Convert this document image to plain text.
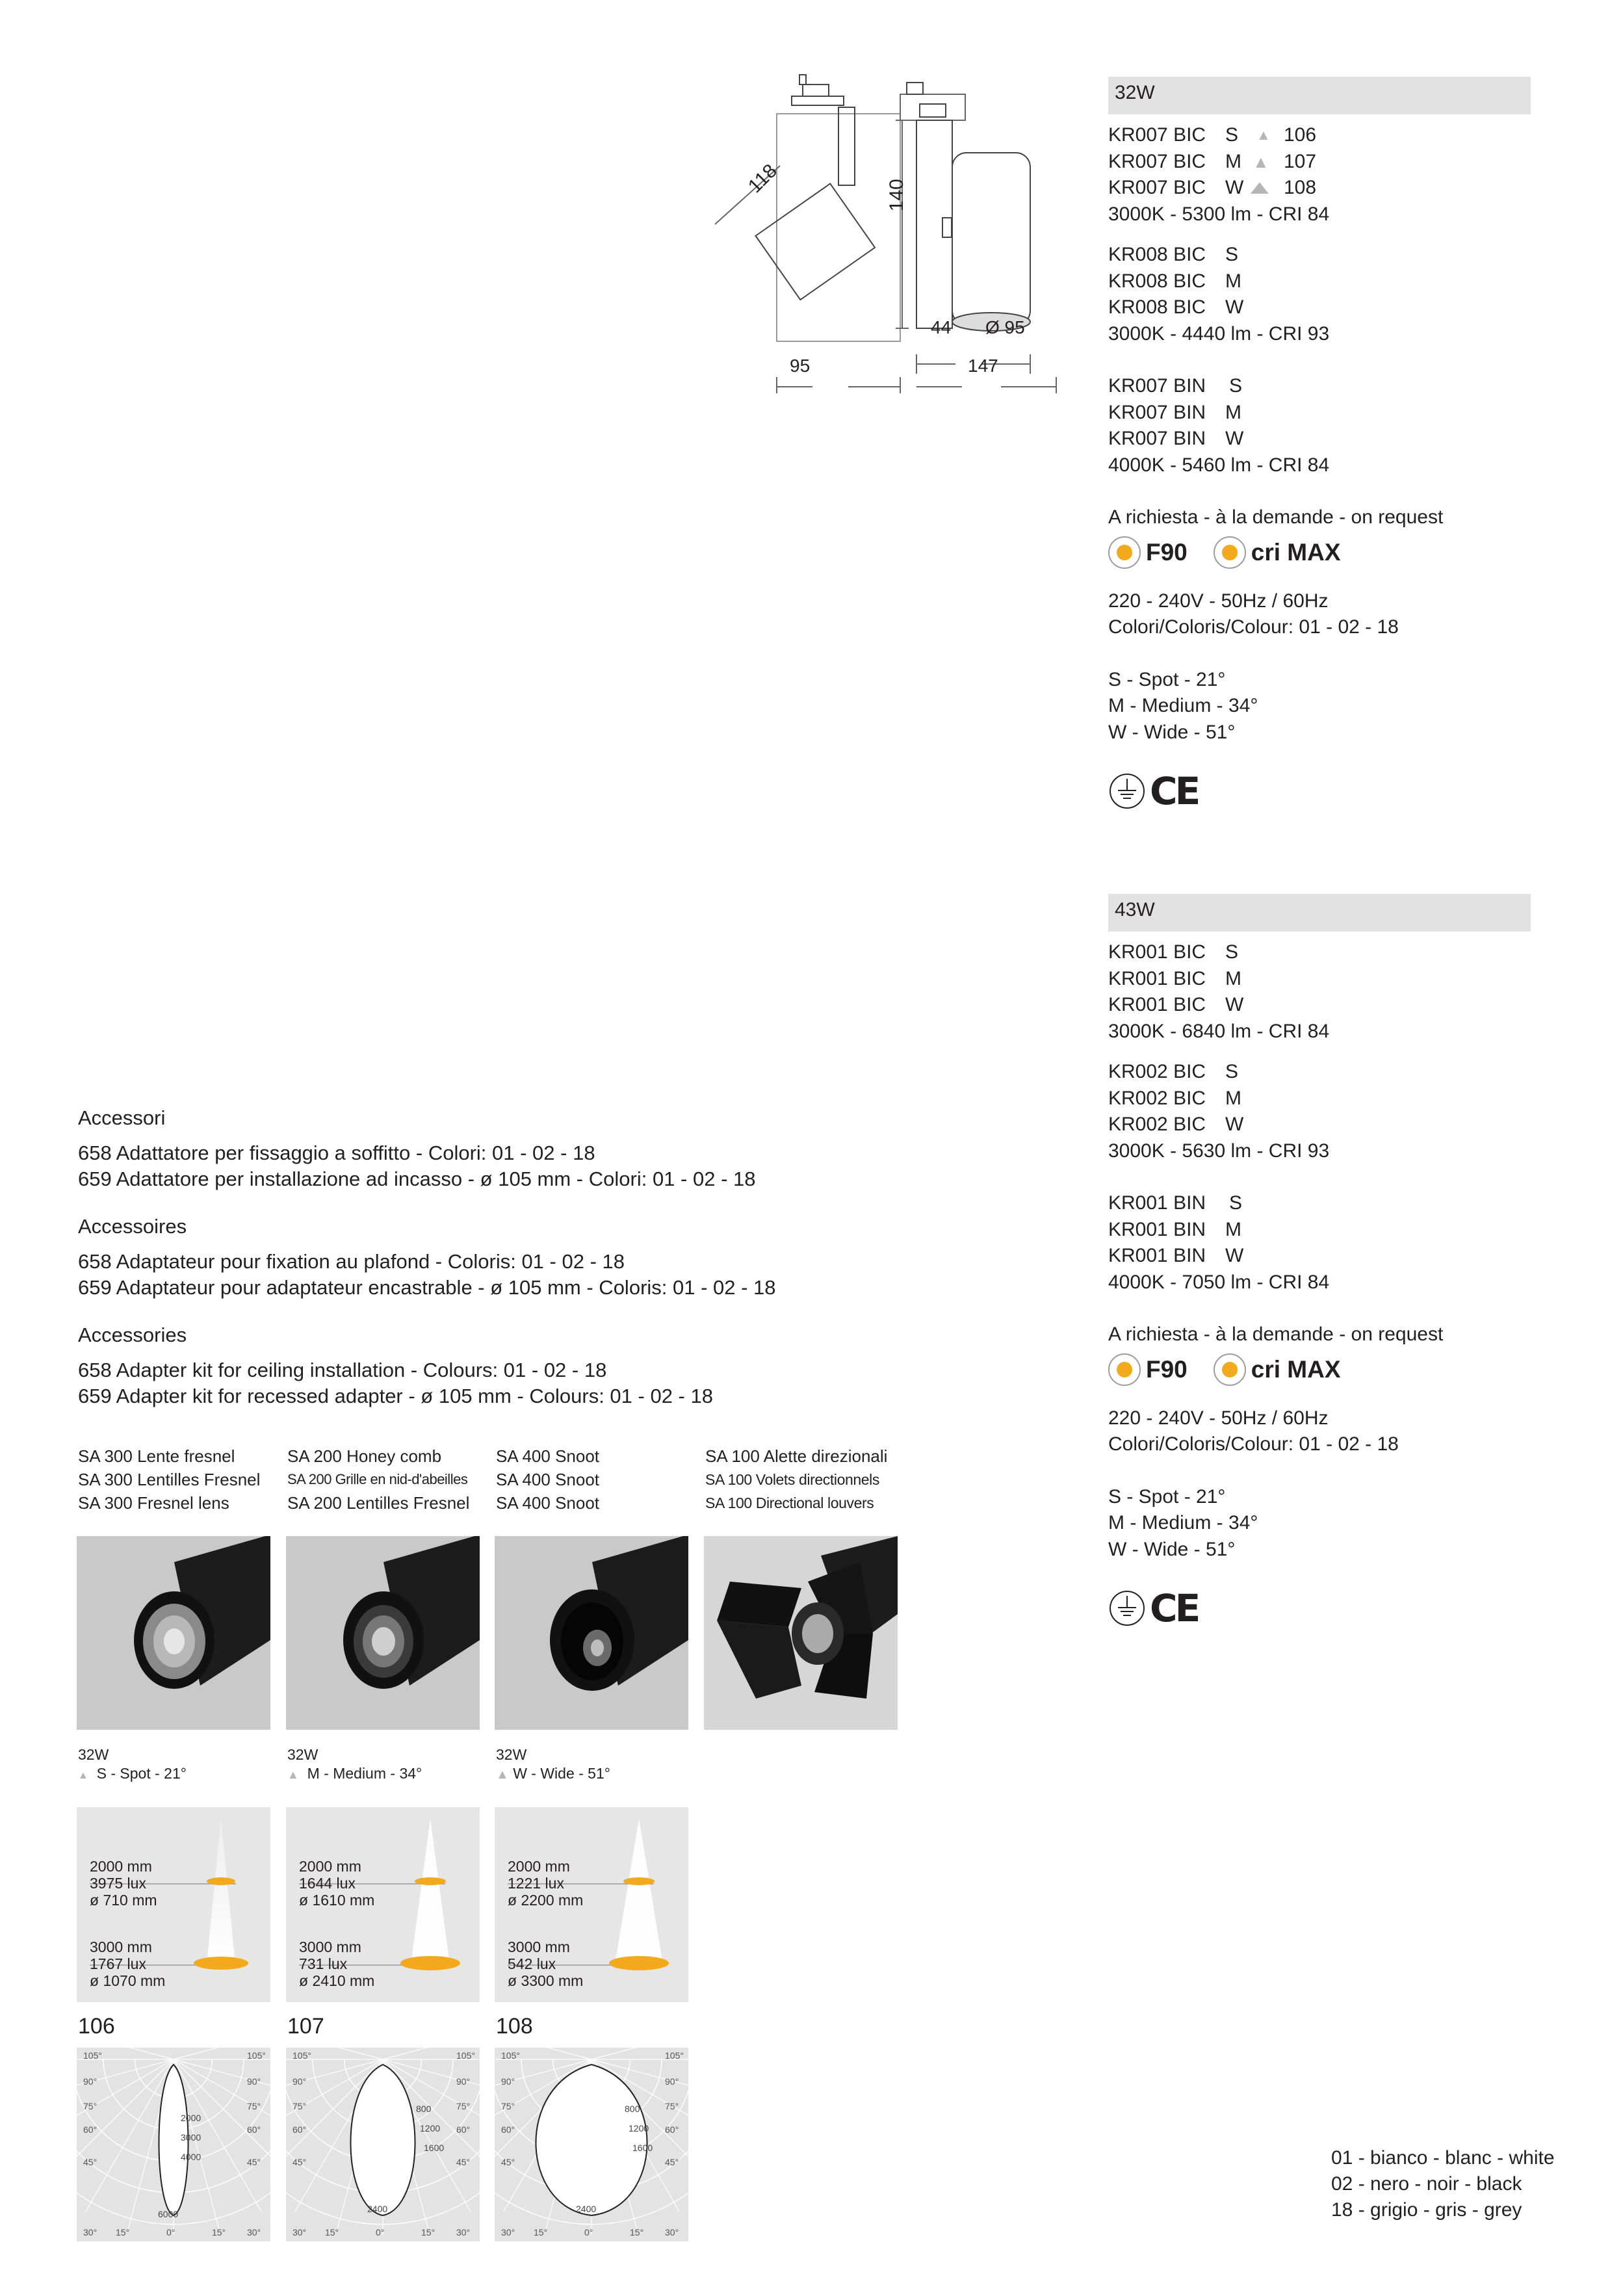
118	140
44 Ø 95
95	147
32W
KR007 BIC S ▲ 106
KR007 BIC M ▲ 107
KR007 BIC W ▲ 108
3000K - 5300 lm - CRI 84
KR008 BIC S
KR008 BIC M
KR008 BIC W
3000K - 4440 lm - CRI 93
KR007 BIN S
KR007 BIN M
KR007 BIN W
4000K - 5460 lm - CRI 84
A richiesta - à la demande - on request
F90	cri MAX
220 - 240V - 50Hz / 60Hz
Colori/Coloris/Colour: 01 - 02 - 18
S - Spot - 21°
M - Medium - 34°
W - Wide - 51°
CE
43W
KR001 BIC S
KR001 BIC M
KR001 BIC W
3000K - 6840 lm - CRI 84
KR002 BIC S
KR002 BIC M
KR002 BIC W
3000K - 5630 lm - CRI 93
KR001 BIN S
KR001 BIN M
KR001 BIN W
4000K - 7050 lm - CRI 84
A richiesta - à la demande - on request
F90	cri MAX
220 - 240V - 50Hz / 60Hz
Colori/Coloris/Colour: 01 - 02 - 18
S - Spot - 21°
M - Medium - 34°
W - Wide - 51°
CE
Accessori
658 Adattatore per fissaggio a soffitto - Colori: 01 - 02 - 18
659 Adattatore per installazione ad incasso - ø 105 mm - Colori: 01 - 02 - 18
Accessoires
658 Adaptateur pour fixation au plafond - Coloris: 01 - 02 - 18
659 Adaptateur pour adaptateur encastrable - ø 105 mm - Coloris: 01 - 02 - 18
Accessories
658 Adapter kit for ceiling installation - Colours: 01 - 02 - 18
659 Adapter kit for recessed adapter - ø 105 mm - Colours: 01 - 02 - 18
SA 300 Lente fresnel
SA 300 Lentilles Fresnel
SA 300 Fresnel lens
SA 200 Honey comb
SA 200 Grille en nid-d'abeilles
SA 200 Lentilles Fresnel
SA 400 Snoot
SA 400 Snoot
SA 400 Snoot
SA 100 Alette direzionali
SA 100 Volets directionnels
SA 100 Directional louvers
32W
▲ S - Spot - 21°
32W
▲ M - Medium - 34°
32W
▲ W - Wide - 51°
2000 mm
3975 lux
ø 710 mm
3000 mm
1767 lux
ø 1070 mm
2000 mm
1644 lux
ø 1610 mm
3000 mm
731 lux
ø 2410 mm
2000 mm
1221 lux
ø 2200 mm
3000 mm
542 lux
ø 3300 mm
106	107	108
105°	105°
90°	90°
75°	75°
60°	60°
45°	45°
30°	30°
15°	15°
0°
2000
3000
4000
6000
105°	105°
90°	90°
75°	75°
60°	60°
45°	45°
30°	30°
15°	15°
0°
800
1200
1600
2400
105°	105°
90°	90°
75°	75°
60°	60°
45°	45°
30°	30°
15°	15°
0°
800
1200
1600
2400
01 - bianco - blanc - white
02 - nero - noir - black
18 - grigio - gris - grey
